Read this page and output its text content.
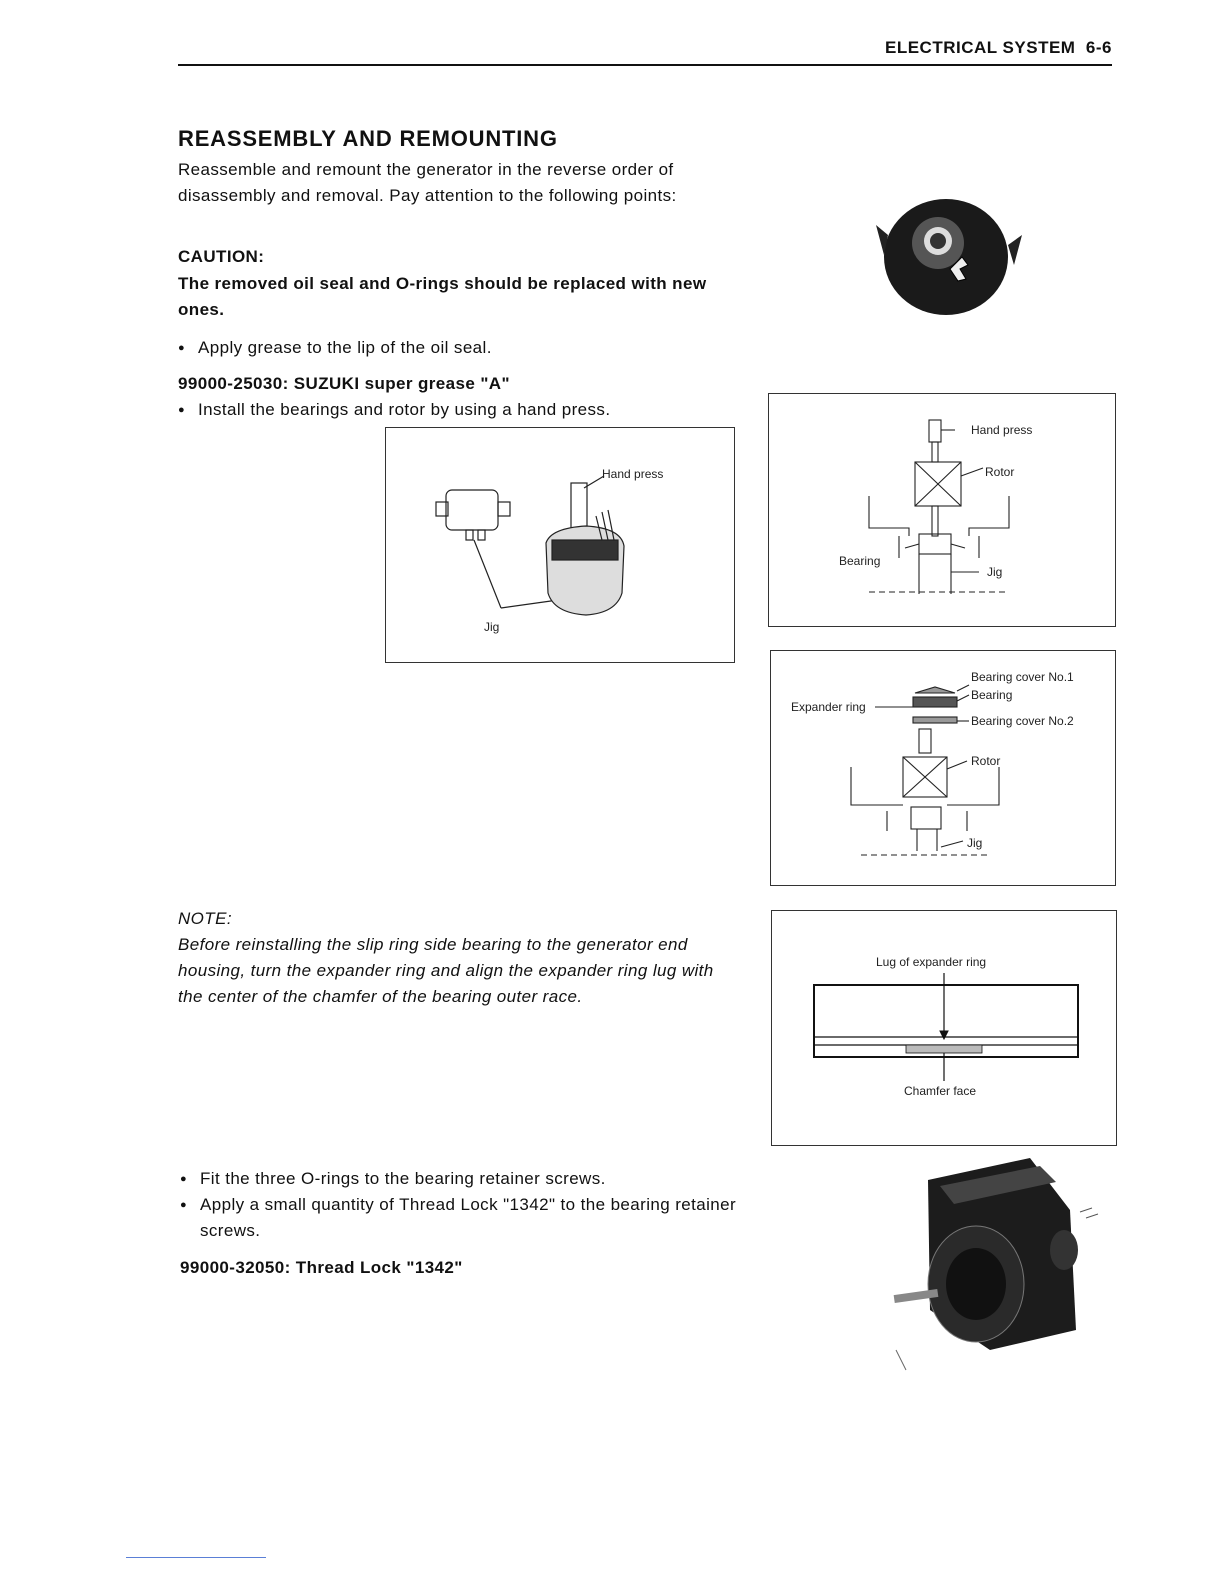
ELECTRICAL SYSTEM 6-6
REASSEMBLY AND REMOUNTING
Reassemble and remount the generator in the reverse order of disassembly and removal. Pay attention to the following points:
CAUTION:
The removed oil seal and O-rings should be replaced with new ones.
● Apply grease to the lip of the oil seal.
99000-25030: SUZUKI super grease "A"
● Install the bearings and rotor by using a hand press.
Hand press
Jig
Hand press
Rotor
Bearing
Jig
Bearing cover No.1
Bearing
Expander ring
Bearing cover No.2
Rotor
Jig
NOTE:
Before reinstalling the slip ring side bearing to the generator end housing, turn the expander ring and align the expander ring lug with the center of the chamfer of the bearing outer race.
Lug of expander ring
Chamfer face
● Fit the three O-rings to the bearing retainer screws.
● Apply a small quantity of Thread Lock "1342" to the bearing retainer screws.
99000-32050: Thread Lock "1342"
